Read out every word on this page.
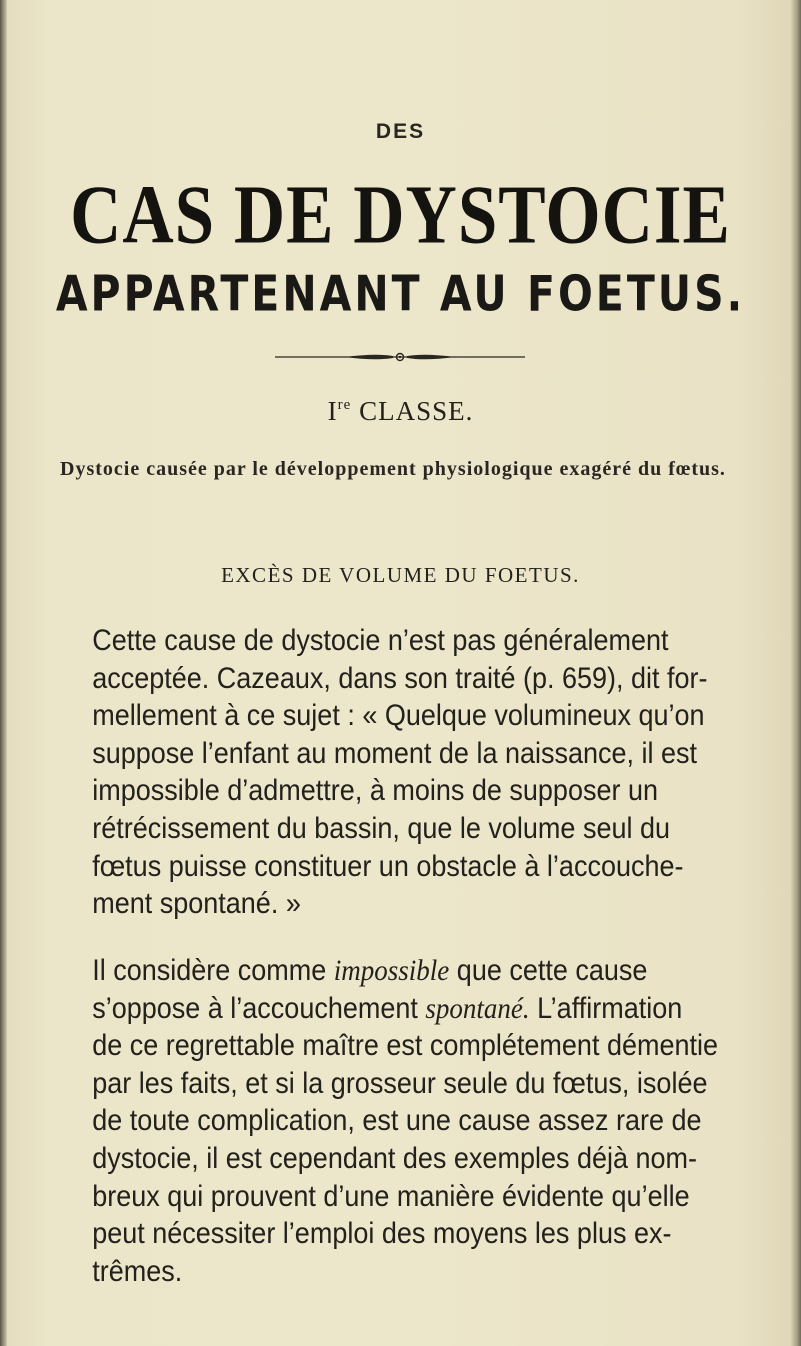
DES
CAS DE DYSTOCIE
APPARTENANT AU FOETUS.
Ire CLASSE.
Dystocie causée par le développement physiologique exagéré du fœtus.
EXCÈS DE VOLUME DU FOETUS.
Cette cause de dystocie n’est pas généralement
acceptée. Cazeaux, dans son traité (p. 659), dit for-
mellement à ce sujet : « Quelque volumineux qu’on
suppose l’enfant au moment de la naissance, il est
impossible d’admettre, à moins de supposer un
rétrécissement du bassin, que le volume seul du
fœtus puisse constituer un obstacle à l’accouche-
ment spontané. »
Il considère comme impossible que cette cause
s’oppose à l’accouchement spontané. L’affirmation
de ce regrettable maître est complétement démentie
par les faits, et si la grosseur seule du fœtus, isolée
de toute complication, est une cause assez rare de
dystocie, il est cependant des exemples déjà nom-
breux qui prouvent d’une manière évidente qu’elle
peut nécessiter l’emploi des moyens les plus ex-
trêmes.
